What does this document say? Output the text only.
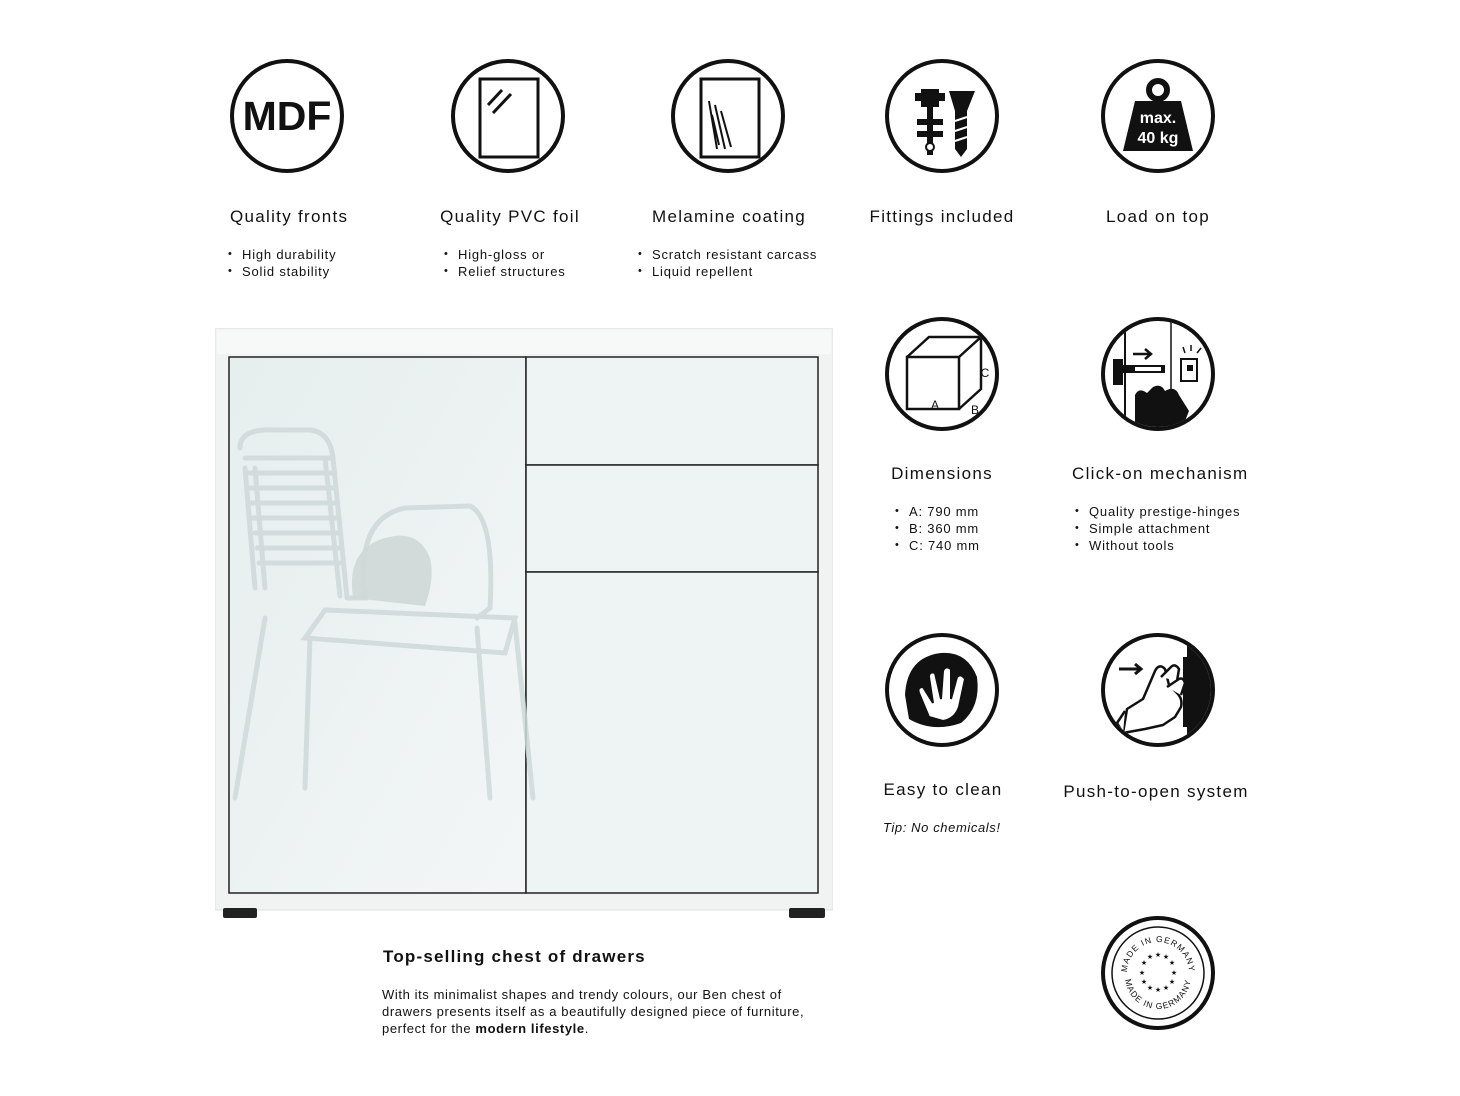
MDF
Quality fronts
• High durability
• Solid stability
Quality PVC foil
• High-gloss or
• Relief structures
Melamine coating
• Scratch resistant carcass
• Liquid repellent
Fittings included
max.
40 kg
Load on top
A	B
C
Dimensions
• A: 790 mm
• B: 360 mm
• C: 740 mm
Click-on mechanism
• Quality prestige-hinges
• Simple attachment
• Without tools
Easy to clean
Tip: No chemicals!
Push-to-open system
MADE IN GERMANY
MADE IN GERMANY
★ ★
★
★
★
★
★
★
★
★
★
★
Top-selling chest of drawers
With its minimalist shapes and trendy colours, our Ben chest of drawers presents itself as a beautifully designed piece of furniture, perfect for the modern lifestyle.
